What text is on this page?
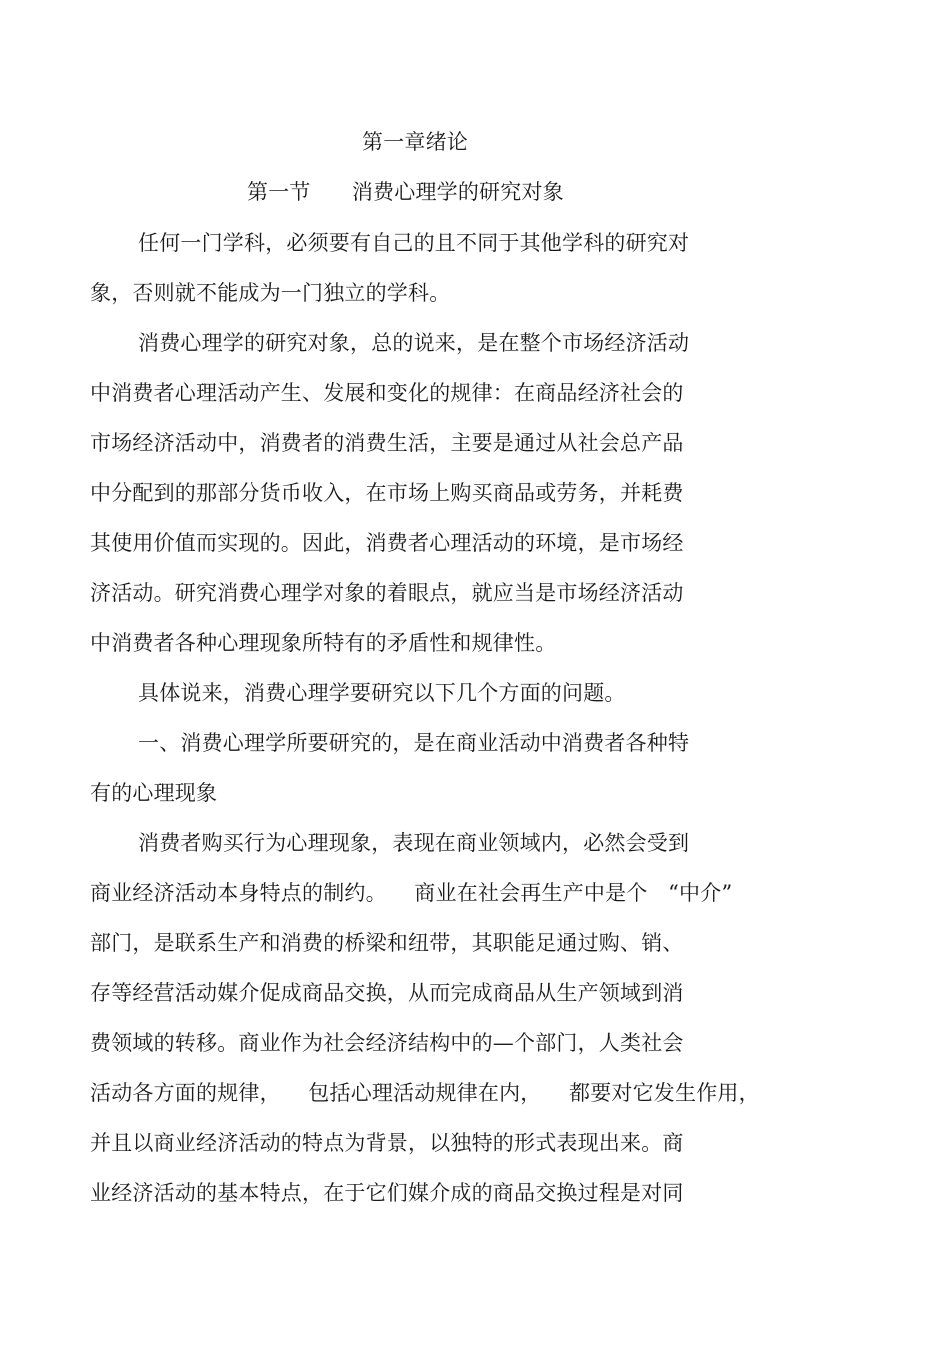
第一章绪论
第一节      消费心理学的研究对象
任何一门学科，必须要有自己的且不同于其他学科的研究对
象，否则就不能成为一门独立的学科。
消费心理学的研究对象，总的说来，是在整个市场经济活动
中消费者心理活动产生、发展和变化的规律：在商品经济社会的
市场经济活动中，消费者的消费生活，主要是通过从社会总产品
中分配到的那部分货币收入，在市场上购买商品或劳务，并耗费
其使用价值而实现的。因此，消费者心理活动的环境，是市场经
济活动。研究消费心理学对象的着眼点，就应当是市场经济活动
中消费者各种心理现象所特有的矛盾性和规律性。
具体说来，消费心理学要研究以下几个方面的问题。
一、消费心理学所要研究的，是在商业活动中消费者各种特
有的心理现象
消费者购买行为心理现象，表现在商业领域内，必然会受到
商业经济活动本身特点的制约。    商业在社会再生产中是个   “中介”
部门，是联系生产和消费的桥梁和纽带，其职能足通过购、销、
存等经营活动媒介促成商品交换，从而完成商品从生产领域到消
费领域的转移。商业作为社会经济结构中的—个部门，人类社会
活动各方面的规律，    包括心理活动规律在内，    都要对它发生作用，
并且以商业经济活动的特点为背景，以独特的形式表现出来。商
业经济活动的基本特点，在于它们媒介成的商品交换过程是对同
